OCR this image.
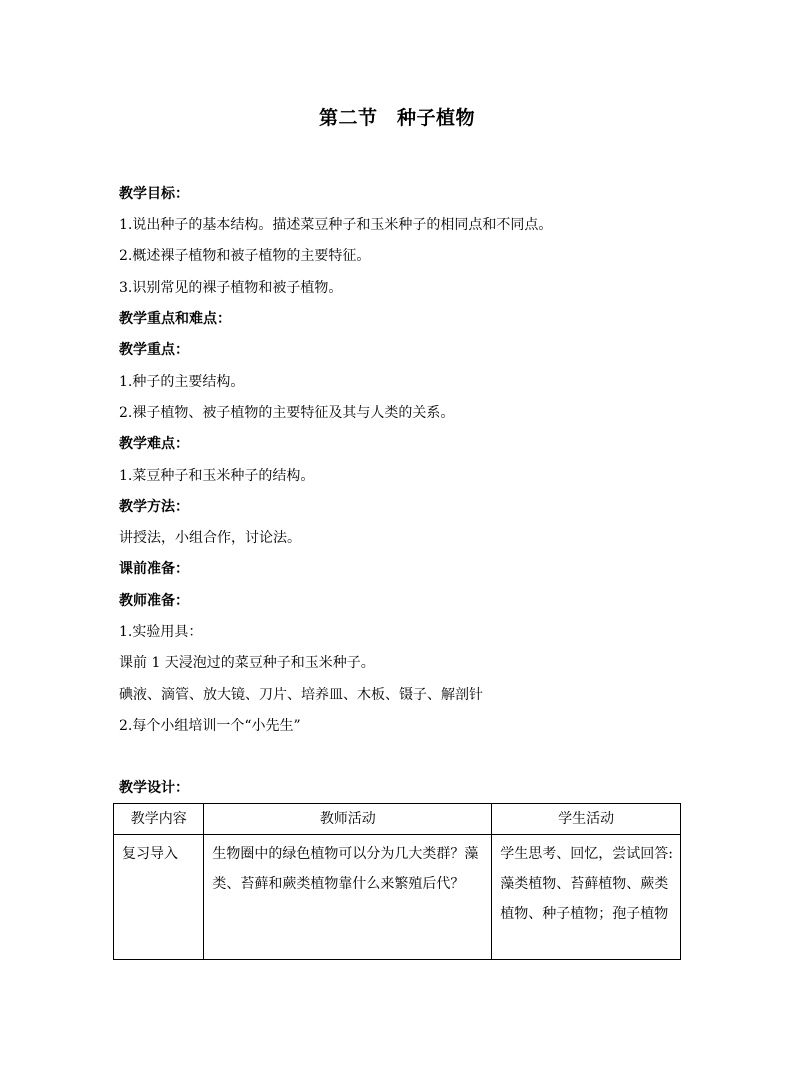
第二节　种子植物
教学目标：
1.说出种子的基本结构。描述菜豆种子和玉米种子的相同点和不同点。
2.概述裸子植物和被子植物的主要特征。
3.识别常见的裸子植物和被子植物。
教学重点和难点：
教学重点：
1.种子的主要结构。
2.裸子植物、被子植物的主要特征及其与人类的关系。
教学难点：
1.菜豆种子和玉米种子的结构。
教学方法：
讲授法，小组合作，讨论法。
课前准备：
教师准备：
1.实验用具：
课前 1 天浸泡过的菜豆种子和玉米种子。
碘液、滴管、放大镜、刀片、培养皿、木板、镊子、解剖针
2.每个小组培训一个“小先生”
教学设计：
教学内容	教师活动	学生活动
复习导入	生物圈中的绿色植物可以分为几大类群？藻类、苔藓和蕨类植物靠什么来繁殖后代？	学生思考、回忆，尝试回答:藻类植物、苔藓植物、蕨类植物、种子植物；孢子植物
